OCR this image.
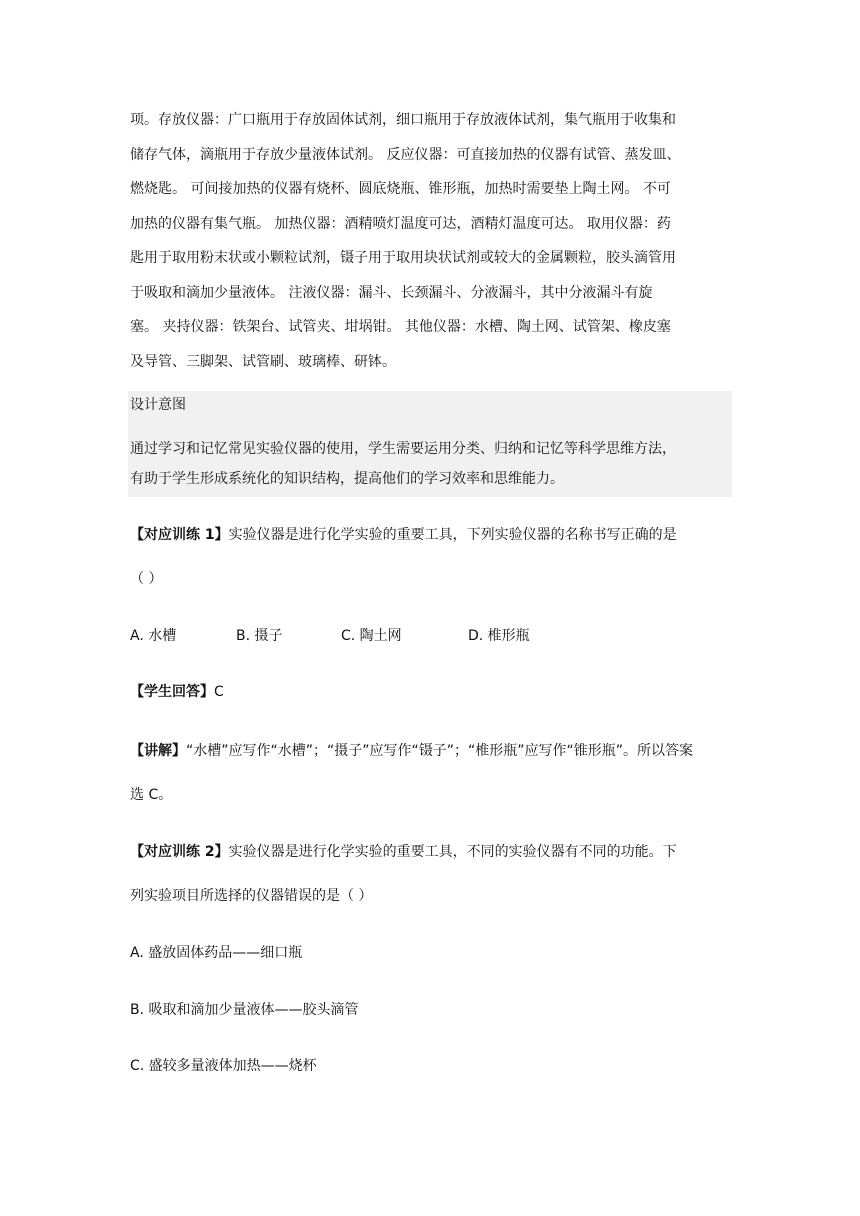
项。存放仪器：广口瓶用于存放固体试剂，细口瓶用于存放液体试剂，集气瓶用于收集和
储存气体，滴瓶用于存放少量液体试剂。 反应仪器：可直接加热的仪器有试管、蒸发皿、
燃烧匙。 可间接加热的仪器有烧杯、圆底烧瓶、锥形瓶，加热时需要垫上陶土网。 不可
加热的仪器有集气瓶。 加热仪器：酒精喷灯温度可达，酒精灯温度可达。 取用仪器：药
匙用于取用粉末状或小颗粒试剂，镊子用于取用块状试剂或较大的金属颗粒，胶头滴管用
于吸取和滴加少量液体。 注液仪器：漏斗、长颈漏斗、分液漏斗，其中分液漏斗有旋
塞。 夹持仪器：铁架台、试管夹、坩埚钳。 其他仪器：水槽、陶土网、试管架、橡皮塞
及导管、三脚架、试管刷、玻璃棒、研钵。
设计意图
通过学习和记忆常见实验仪器的使用，学生需要运用分类、归纳和记忆等科学思维方法，
有助于学生形成系统化的知识结构，提高他们的学习效率和思维能力。
【对应训练 1】实验仪器是进行化学实验的重要工具，下列实验仪器的名称书写正确的是
（ ）
A. 水槽	B. 摄子	C. 陶土网	D. 椎形瓶
【学生回答】C
【讲解】“水槽”应写作“水槽”；“摄子”应写作“镊子”；“椎形瓶”应写作“锥形瓶”。所以答案
选 C。
【对应训练 2】实验仪器是进行化学实验的重要工具，不同的实验仪器有不同的功能。下
列实验项目所选择的仪器错误的是（ ）
A. 盛放固体药品——细口瓶
B. 吸取和滴加少量液体——胶头滴管
C. 盛较多量液体加热——烧杯
